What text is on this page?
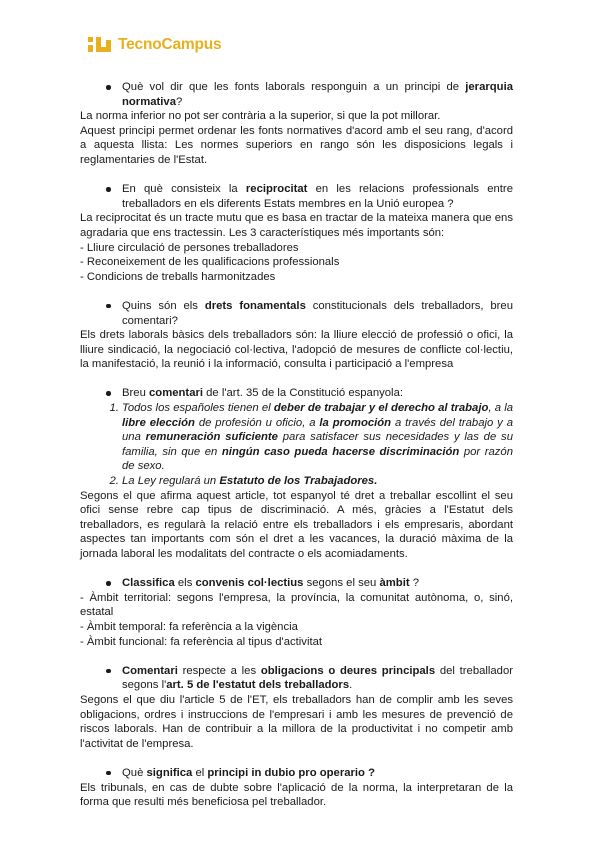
TecnoCampus
Què vol dir que les fonts laborals responguin a un principi de jerarquia normativa?
La norma inferior no pot ser contrària a la superior, si que la pot millorar.
Aquest principi permet ordenar les fonts normatives d'acord amb el seu rang, d'acord a aquesta llista: Les normes superiors en rango són les disposicions legals i reglamentaries de l'Estat.
En què consisteix la reciprocitat en les relacions professionals entre treballadors en els diferents Estats membres en la Unió europea ?
La reciprocitat és un tracte mutu que es basa en tractar de la mateixa manera que ens agradaria que ens tractessin. Les 3 característiques més importants són:
- Lliure circulació de persones treballadores
- Reconeixement de les qualificacions professionals
- Condicions de treballs harmonitzades
Quins són els drets fonamentals constitucionals dels treballadors, breu comentari?
Els drets laborals bàsics dels treballadors són: la lliure elecció de professió o ofici, la lliure sindicació, la negociació col·lectiva, l'adopció de mesures de conflicte col·lectiu, la manifestació, la reunió i la informació, consulta i participació a l'empresa
Breu comentari de l'art. 35 de la Constitució espanyola:
1. Todos los españoles tienen el deber de trabajar y el derecho al trabajo, a la libre elección de profesión u oficio, a la promoción a través del trabajo y a una remuneración suficiente para satisfacer sus necesidades y las de su familia, sin que en ningún caso pueda hacerse discriminación por razón de sexo.
2. La Ley regulará un Estatuto de los Trabajadores.
Segons el que afirma aquest article, tot espanyol té dret a treballar escollint el seu ofici sense rebre cap tipus de discriminació. A més, gràcies a l'Estatut dels treballadors, es regularà la relació entre els treballadors i els empresaris, abordant aspectes tan importants com són el dret a les vacances, la duració màxima de la jornada laboral les modalitats del contracte o els acomiadaments.
Classifica els convenis col·lectius segons el seu àmbit ?
- Àmbit territorial: segons l'empresa, la província, la comunitat autònoma, o, sinó, estatal
- Àmbit temporal: fa referència a la vigència
- Àmbit funcional: fa referència al tipus d'activitat
Comentari respecte a les obligacions o deures principals del treballador segons l'art. 5 de l'estatut dels treballadors.
Segons el que diu l'article 5 de l'ET, els treballadors han de complir amb les seves obligacions, ordres i instruccions de l'empresari i amb les mesures de prevenció de riscos laborals. Han de contribuir a la millora de la productivitat i no competir amb l'activitat de l'empresa.
Què significa el principi in dubio pro operario ?
Els tribunals, en cas de dubte sobre l'aplicació de la norma, la interpretaran de la forma que resulti més beneficiosa pel treballador.
